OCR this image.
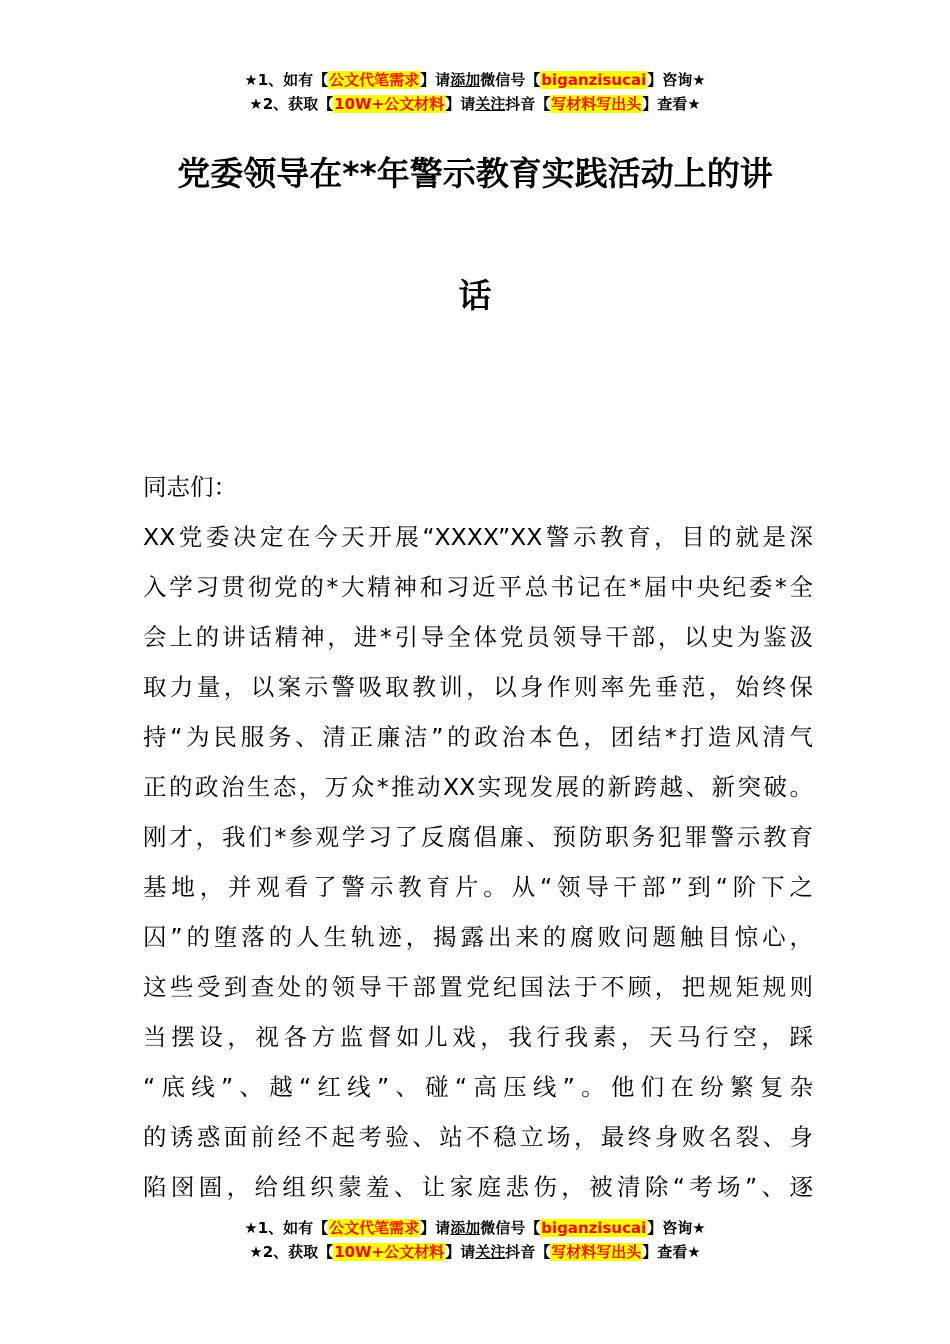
★1、如有【公文代笔需求】请添加微信号【biganzisucai】咨询★
★2、获取【10W+公文材料】请关注抖音【写材料写出头】查看★
党委领导在**年警示教育实践活动上的讲
话
同志们：
XX党委决定在今天开展“XXXX”XX警示教育，目的就是深
入学习贯彻党的*大精神和习近平总书记在*届中央纪委*全
会上的讲话精神，进*引导全体党员领导干部，以史为鉴汲
取力量，以案示警吸取教训，以身作则率先垂范，始终保
持“为民服务、清正廉洁”的政治本色，团结*打造风清气
正的政治生态，万众*推动XX实现发展的新跨越、新突破。
刚才，我们*参观学习了反腐倡廉、预防职务犯罪警示教育
基地，并观看了警示教育片。从“领导干部”到“阶下之
囚”的堕落的人生轨迹，揭露出来的腐败问题触目惊心，
这些受到查处的领导干部置党纪国法于不顾，把规矩规则
当摆设，视各方监督如儿戏，我行我素，天马行空，踩
“底线”、越“红线”、碰“高压线”。他们在纷繁复杂
的诱惑面前经不起考验、站不稳立场，最终身败名裂、身
陷囹圄，给组织蒙羞、让家庭悲伤，被清除“考场”、逐
★1、如有【公文代笔需求】请添加微信号【biganzisucai】咨询★
★2、获取【10W+公文材料】请关注抖音【写材料写出头】查看★
